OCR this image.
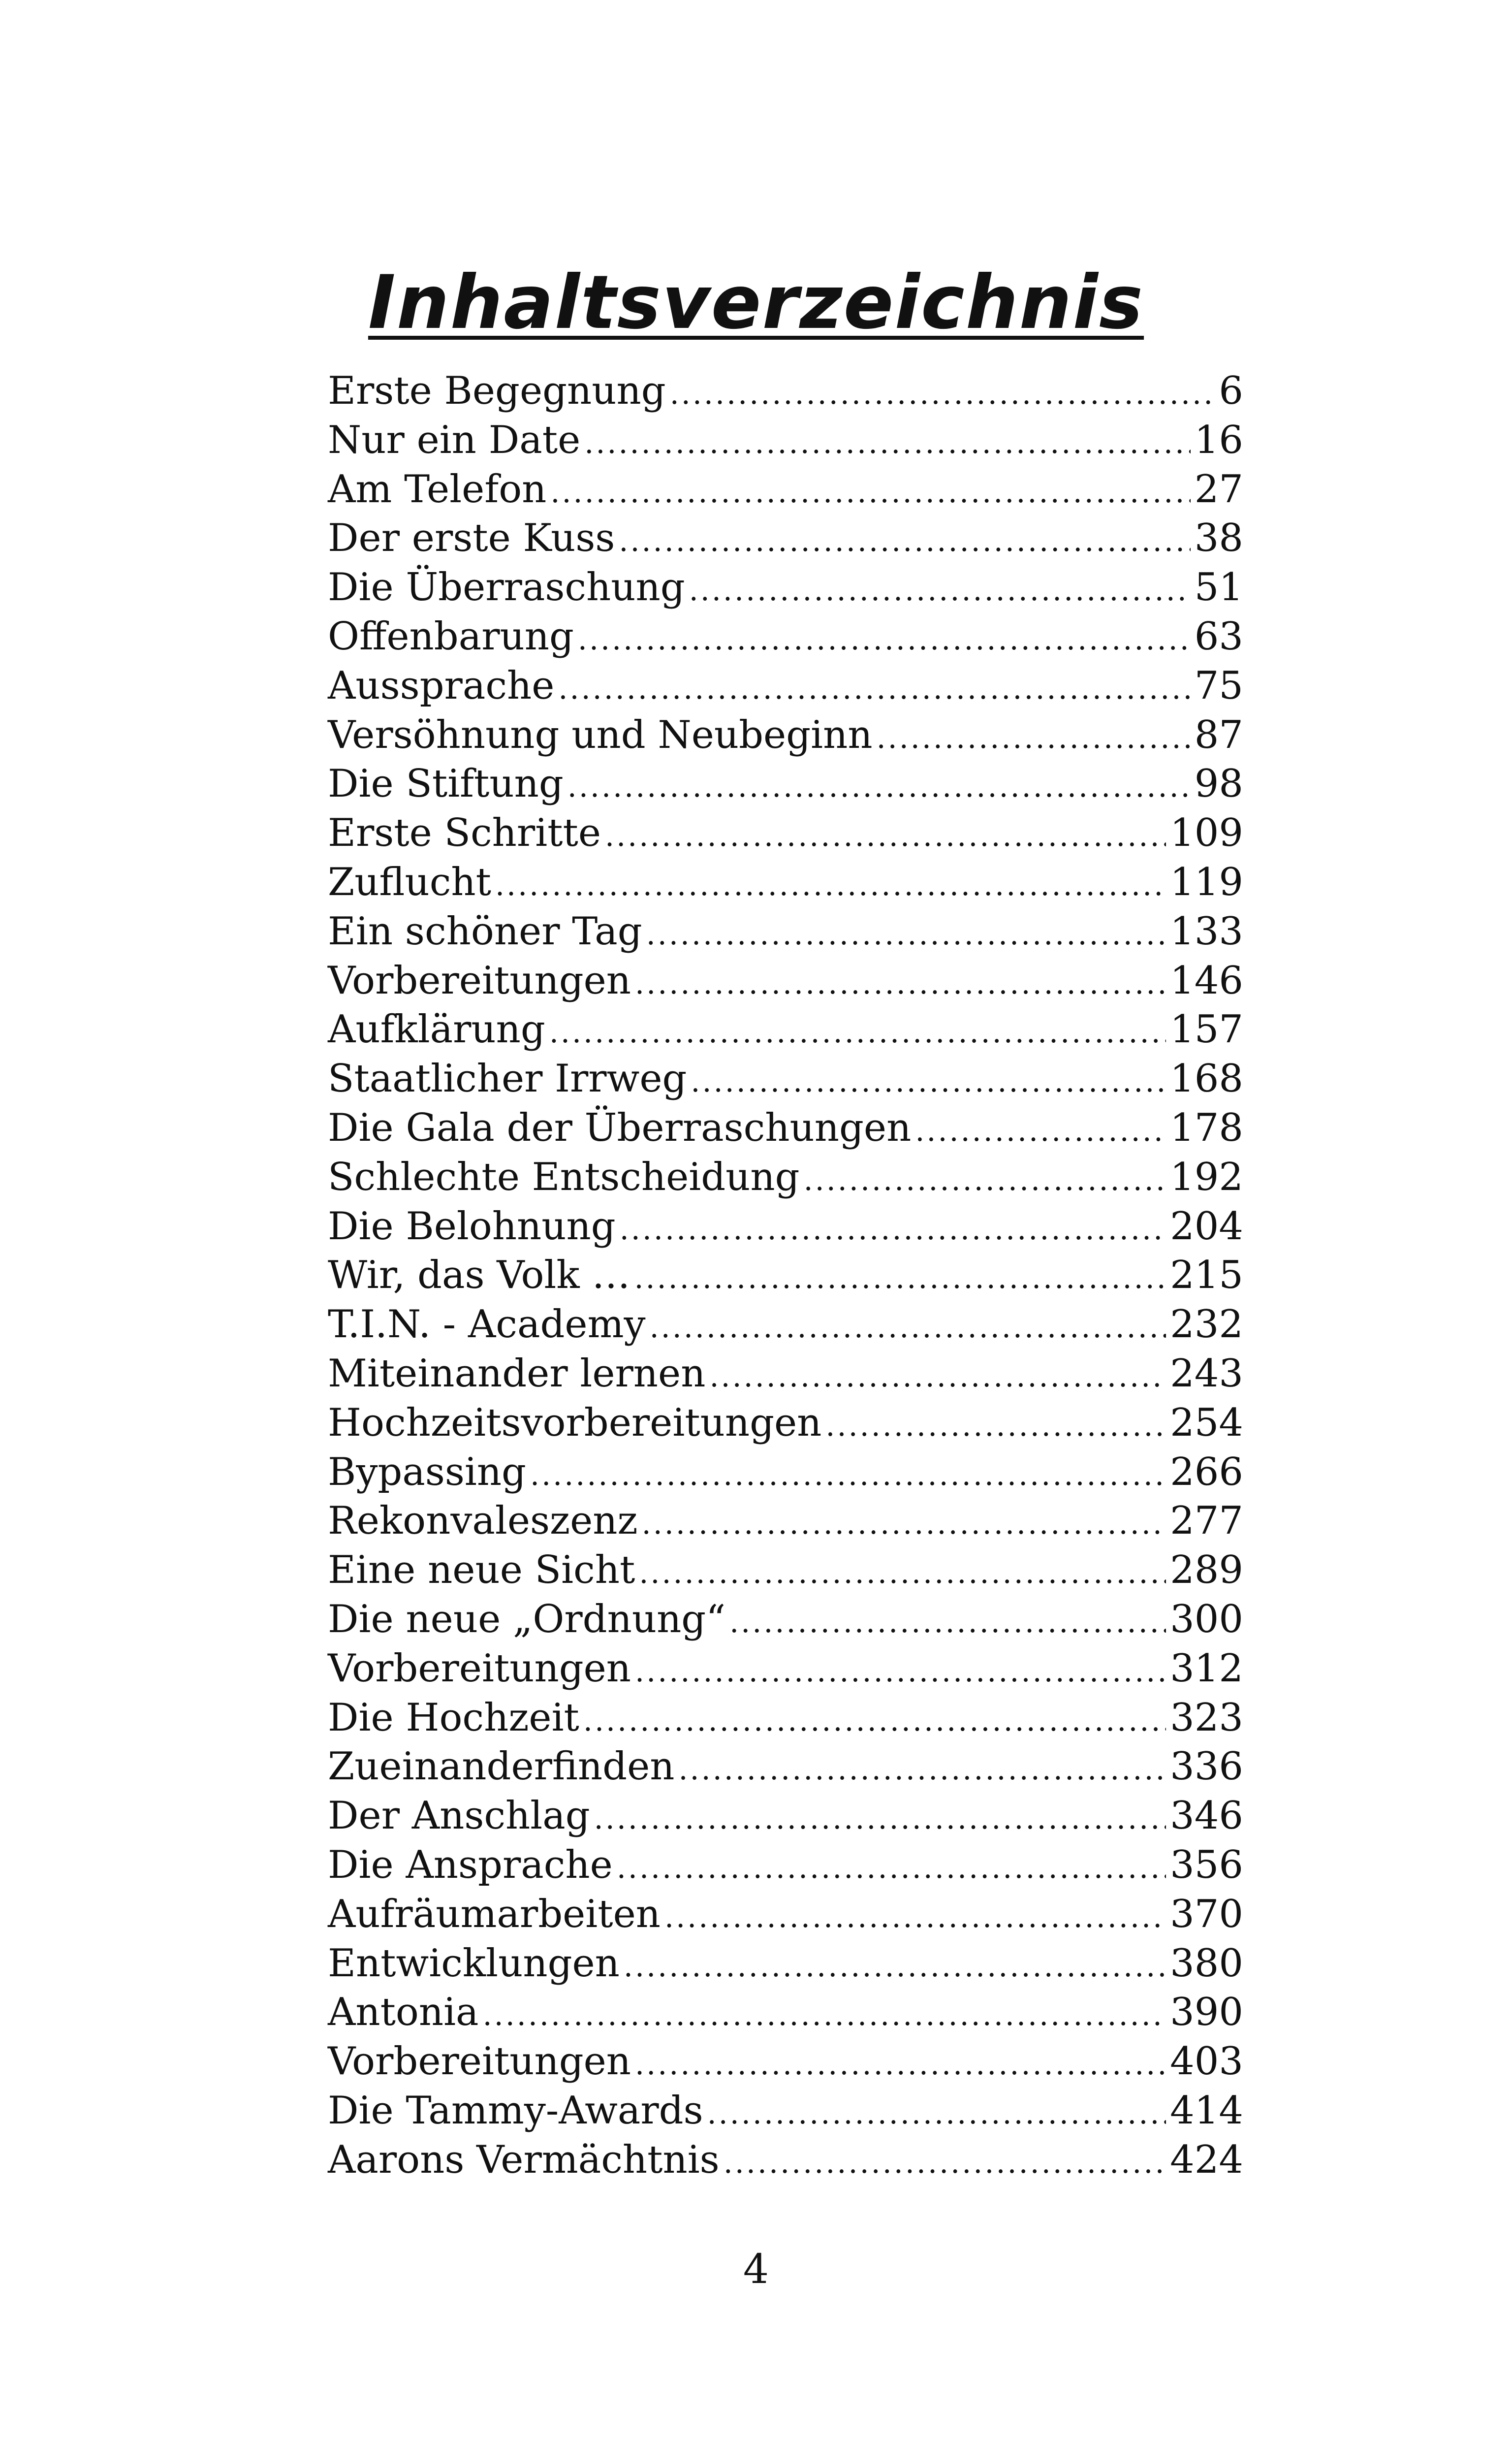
Inhaltsverzeichnis
Erste Begegnung .....	6
Nur ein Date .....	16
Am Telefon .....	27
Der erste Kuss .....	38
Die Überraschung .....	51
Offenbarung .....	63
Aussprache .....	75
Versöhnung und Neubeginn .....	87
Die Stiftung .....	98
Erste Schritte .....	109
Zuflucht .....	119
Ein schöner Tag .....	133
Vorbereitungen .....	146
Aufklärung .....	157
Staatlicher Irrweg .....	168
Die Gala der Überraschungen .....	178
Schlechte Entscheidung .....	192
Die Belohnung .....	204
Wir, das Volk … .....	215
T.I.N. - Academy .....	232
Miteinander lernen .....	243
Hochzeitsvorbereitungen .....	254
Bypassing .....	266
Rekonvaleszenz .....	277
Eine neue Sicht .....	289
Die neue „Ordnung“ .....	300
Vorbereitungen .....	312
Die Hochzeit .....	323
Zueinanderfinden .....	336
Der Anschlag .....	346
Die Ansprache .....	356
Aufräumarbeiten .....	370
Entwicklungen .....	380
Antonia .....	390
Vorbereitungen .....	403
Die Tammy-Awards .....	414
Aarons Vermächtnis .....	424
4
